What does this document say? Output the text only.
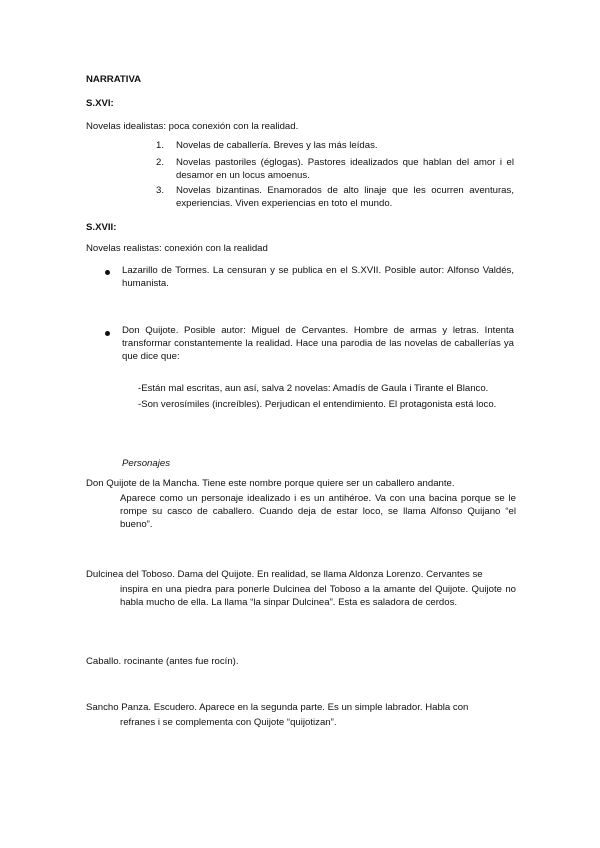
NARRATIVA
S.XVI:
Novelas idealistas: poca conexión con la realidad.
1. Novelas de caballería. Breves y las más leídas.
2. Novelas pastoriles (églogas). Pastores idealizados que hablan del amor i el desamor en un locus amoenus.
3. Novelas bizantinas. Enamorados de alto linaje que les ocurren aventuras, experiencias. Viven experiencias en toto el mundo.
S.XVII:
Novelas realistas: conexión con la realidad
Lazarillo de Tormes. La censuran y se publica en el S.XVII. Posible autor: Alfonso Valdés, humanista.
Don Quijote. Posible autor: Miguel de Cervantes. Hombre de armas y letras. Intenta transformar constantemente la realidad. Hace una parodia de las novelas de caballerías ya que dice que:
-Están mal escritas, aun así, salva 2 novelas: Amadís de Gaula i Tirante el Blanco.
-Son verosímiles (increíbles). Perjudican el entendimiento. El protagonista está loco.
Personajes
Don Quijote de la Mancha. Tiene este nombre porque quiere ser un caballero andante.
Aparece como un personaje idealizado i es un antihéroe. Va con una bacina porque se le rompe su casco de caballero. Cuando deja de estar loco, se llama Alfonso Quijano “el bueno”.
Dulcinea del Toboso. Dama del Quijote. En realidad, se llama Aldonza Lorenzo. Cervantes se
inspira en una piedra para ponerle Dulcinea del Toboso a la amante del Quijote. Quijote no habla mucho de ella. La llama “la sinpar Dulcinea”. Esta es saladora de cerdos.
Caballo. rocinante (antes fue rocín).
Sancho Panza. Escudero. Aparece en la segunda parte. Es un simple labrador. Habla con
refranes i se complementa con Quijote “quijotizan”.
